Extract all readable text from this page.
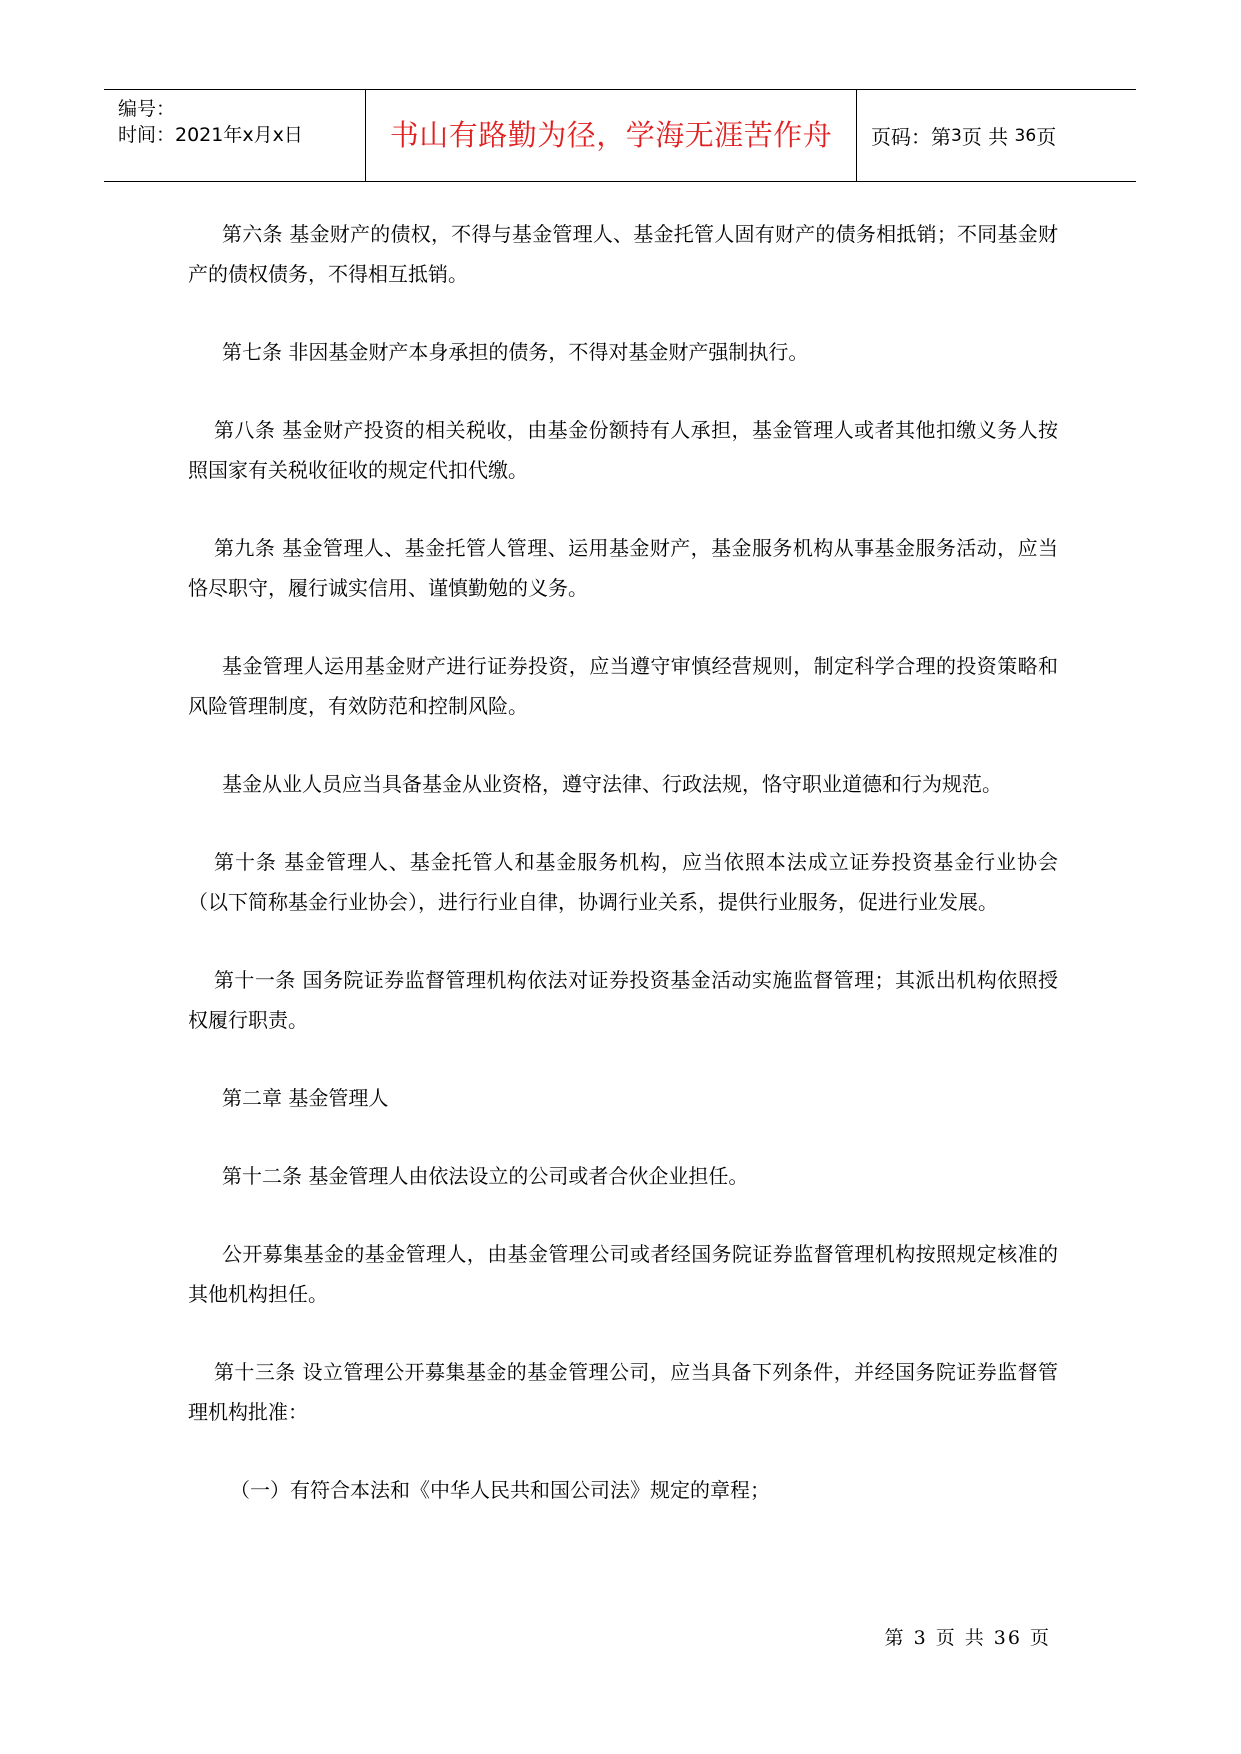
编号：
时间：2021年x月x日	书山有路勤为径，学海无涯苦作舟 页码：第 3 页 共
36 页

第六条 基金财产的债权，不得与基金管理人、基金托管人固有财产的债务相抵销；不同基金财产的债权债务，不得相互抵销。

第七条 非因基金财产本身承担的债务，不得对基金财产强制执行。

第八条 基金财产投资的相关税收，由基金份额持有人承担，基金管理人或者其他扣缴义务人按照国家有关税收征收的规定代扣代缴。

第九条 基金管理人、基金托管人管理、运用基金财产，基金服务机构从事基金服务活动，应当恪尽职守，履行诚实信用、谨慎勤勉的义务。

基金管理人运用基金财产进行证券投资，应当遵守审慎经营规则，制定科学合理的投资策略和风险管理制度，有效防范和控制风险。

基金从业人员应当具备基金从业资格，遵守法律、行政法规，恪守职业道德和行为规范。

第十条 基金管理人、基金托管人和基金服务机构，应当依照本法成立证券投资基金行业协会（以下简称基金行业协会），进行行业自律，协调行业关系，提供行业服务，促进行业发展。

第十一条 国务院证券监督管理机构依法对证券投资基金活动实施监督管理；其派出机构依照授权履行职责。

第二章 基金管理人

第十二条 基金管理人由依法设立的公司或者合伙企业担任。

公开募集基金的基金管理人，由基金管理公司或者经国务院证券监督管理机构按照规定核准的其他机构担任。

第十三条 设立管理公开募集基金的基金管理公司，应当具备下列条件，并经国务院证券监督管理机构批准：

（一）有符合本法和《中华人民共和国公司法》规定的章程；

第 3 页 共 36 页
